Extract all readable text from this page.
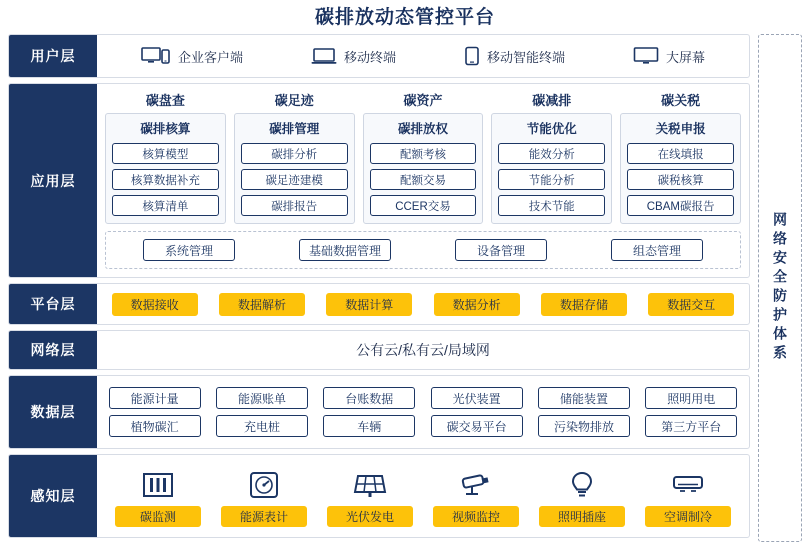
碳排放动态管控平台
用户层	企业客户端	移动终端	移动智能终端	大屏幕
应用层
碳盘查
碳排核算
核算模型
核算数据补充
核算清单
碳足迹
碳排管理
碳排分析
碳足迹建模
碳排报告
碳资产
碳排放权
配额考核
配额交易
CCER交易
碳减排
节能优化
能效分析
节能分析
技术节能
碳关税
关税申报
在线填报
碳税核算
CBAM碳报告
系统管理	基础数据管理	设备管理	组态管理
平台层	数据接收	数据解析	数据计算	数据分析	数据存储	数据交互
网络层	公有云/私有云/局域网
数据层
能源计量	能源账单	台账数据	光伏装置	储能装置	照明用电
植物碳汇	充电桩	车辆	碳交易平台	污染物排放	第三方平台
感知层
碳监测	能源表计	光伏发电	视频监控	照明插座	空调制冷
网络安全防护体系
